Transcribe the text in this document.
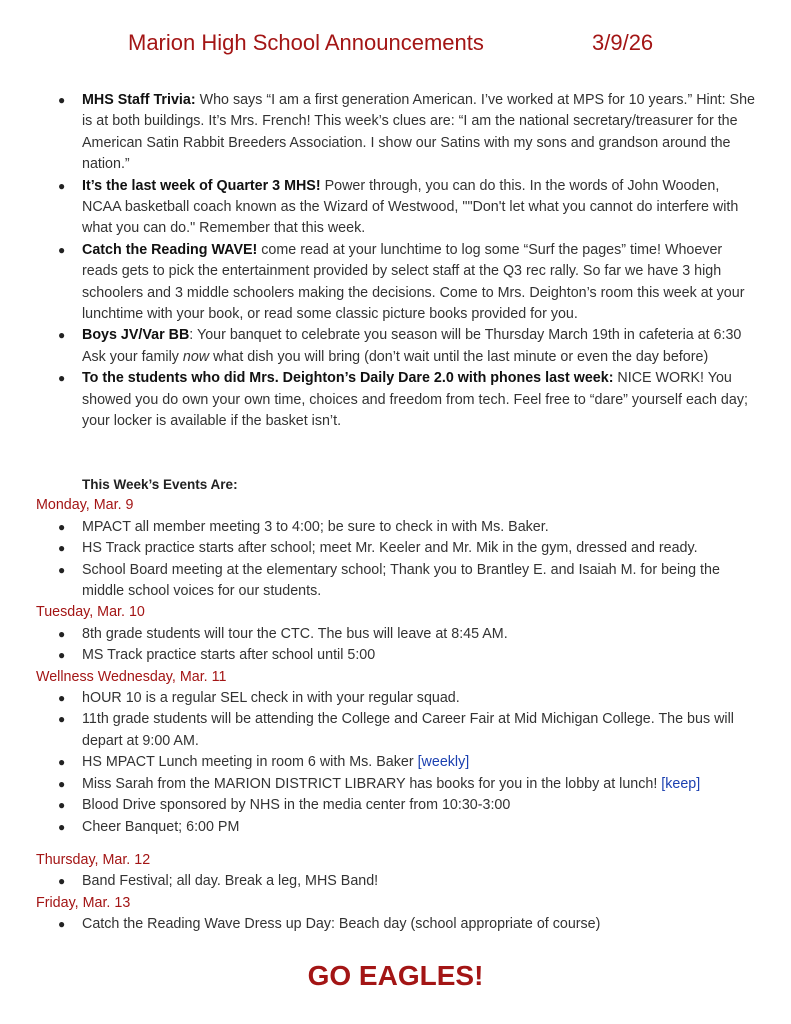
Marion High School Announcements	3/9/26
● MHS Staff Trivia: Who says “I am a first generation American. I’ve worked at MPS for 10 years.” Hint: She is at both buildings. It’s Mrs. French! This week’s clues are: “I am the national secretary/treasurer for the American Satin Rabbit Breeders Association. I show our Satins with my sons and grandson around the nation.”
● It’s the last week of Quarter 3 MHS! Power through, you can do this. In the words of John Wooden, NCAA basketball coach known as the Wizard of Westwood, ""Don't let what you cannot do interfere with what you can do." Remember that this week.
● Catch the Reading WAVE! come read at your lunchtime to log some “Surf the pages” time! Whoever reads gets to pick the entertainment provided by select staff at the Q3 rec rally. So far we have 3 high schoolers and 3 middle schoolers making the decisions. Come to Mrs. Deighton’s room this week at your lunchtime with your book, or read some classic picture books provided for you.
● Boys JV/Var BB: Your banquet to celebrate you season will be Thursday March 19th in cafeteria at 6:30 Ask your family now what dish you will bring (don’t wait until the last minute or even the day before)
● To the students who did Mrs. Deighton’s Daily Dare 2.0 with phones last week: NICE WORK! You showed you do own your own time, choices and freedom from tech. Feel free to “dare” yourself each day; your locker is available if the basket isn’t.
This Week’s Events Are:
Monday, Mar. 9
● MPACT all member meeting 3 to 4:00; be sure to check in with Ms. Baker.
● HS Track practice starts after school; meet Mr. Keeler and Mr. Mik in the gym, dressed and ready.
● School Board meeting at the elementary school; Thank you to Brantley E. and Isaiah M. for being the middle school voices for our students.
Tuesday, Mar. 10
● 8th grade students will tour the CTC. The bus will leave at 8:45 AM.
● MS Track practice starts after school until 5:00
Wellness Wednesday, Mar. 11
● hOUR 10 is a regular SEL check in with your regular squad.
● 11th grade students will be attending the College and Career Fair at Mid Michigan College. The bus will depart at 9:00 AM.
● HS MPACT Lunch meeting in room 6 with Ms. Baker [weekly]
● Miss Sarah from the MARION DISTRICT LIBRARY has books for you in the lobby at lunch! [keep]
● Blood Drive sponsored by NHS in the media center from 10:30-3:00
● Cheer Banquet; 6:00 PM
Thursday, Mar. 12
● Band Festival; all day. Break a leg, MHS Band!
Friday, Mar. 13
● Catch the Reading Wave Dress up Day: Beach day (school appropriate of course)
GO EAGLES!
